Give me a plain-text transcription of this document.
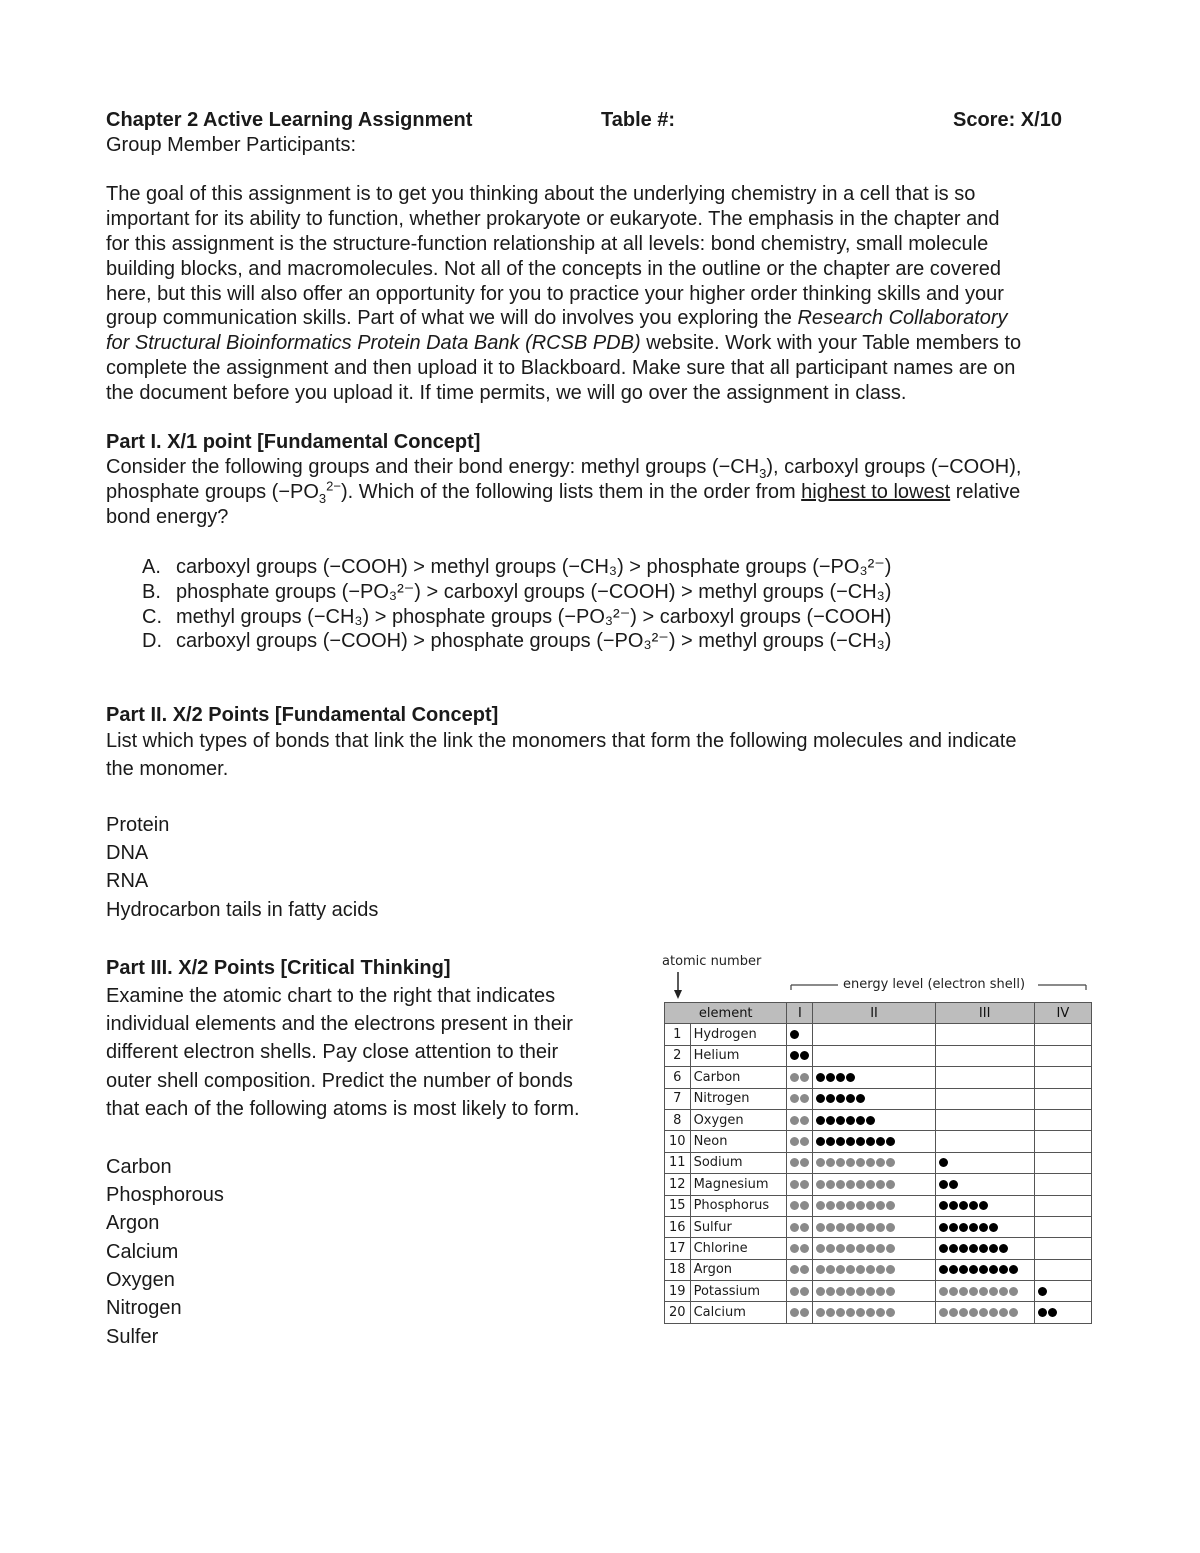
Chapter 2 Active Learning Assignment	Table #:	Score: X/10
Group Member Participants:
The goal of this assignment is to get you thinking about the underlying chemistry in a cell that is so
important for its ability to function, whether prokaryote or eukaryote. The emphasis in the chapter and
for this assignment is the structure-function relationship at all levels: bond chemistry, small molecule
building blocks, and macromolecules. Not all of the concepts in the outline or the chapter are covered
here, but this will also offer an opportunity for you to practice your higher order thinking skills and your
group communication skills. Part of what we will do involves you exploring the Research Collaboratory
for Structural Bioinformatics Protein Data Bank (RCSB PDB) website. Work with your Table members to
complete the assignment and then upload it to Blackboard. Make sure that all participant names are on
the document before you upload it. If time permits, we will go over the assignment in class.
Part I. X/1 point [Fundamental Concept]
Consider the following groups and their bond energy: methyl groups $(-CH_3)$, carboxyl groups (−COOH),
phosphate groups $(-PO_3^{2-})$. Which of the following lists them in the order from highest to lowest relative
bond energy?
A. carboxyl groups (−COOH) > methyl groups (−CH₃) > phosphate groups (−PO₃²⁻)
B. phosphate groups (−PO₃²⁻) > carboxyl groups (−COOH) > methyl groups (−CH₃)
C. methyl groups (−CH₃) > phosphate groups (−PO₃²⁻) > carboxyl groups (−COOH)
D. carboxyl groups (−COOH) > phosphate groups (−PO₃²⁻) > methyl groups (−CH₃)
Part II. X/2 Points [Fundamental Concept]
List which types of bonds that link the link the monomers that form the following molecules and indicate
the monomer.
Protein
DNA
RNA
Hydrocarbon tails in fatty acids
Part III. X/2 Points [Critical Thinking]
Examine the atomic chart to the right that indicates
individual elements and the electrons present in their
different electron shells. Pay close attention to their
outer shell composition. Predict the number of bonds
that each of the following atoms is most likely to form.
Carbon
Phosphorous
Argon
Calcium
Oxygen
Nitrogen
Sulfer
atomic number
energy level (electron shell)
element		I	II	III	IV
1	Hydrogen	

2	Helium	

6	Carbon	

7	Nitrogen	

8	Oxygen	

10	Neon	

11	Sodium	

12	Magnesium	

15	Phosphorus	

16	Sulfur	

17	Chlorine	

18	Argon	

19	Potassium	

20	Calcium	
